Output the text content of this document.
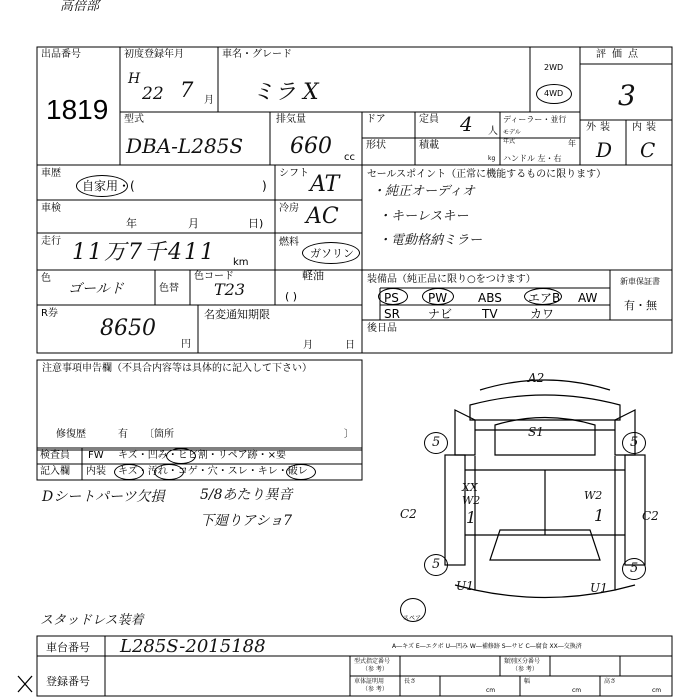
高倍部
出品番号
1819
初度登録年月
H
22 7 月
車名・グレード
ミラ X
2WD
4WD
評価点
3
型式
DBA-L285S
排気量
660 cc
ドア	定員 4 人
ディーラー・並行
モデル
年式	年
形状	積載
kg ハンドル 左・右
外装 内装
D C
車歴
自家用・(	)
シフト AT
車検
年	月	日)
冷房 AC
走行 11万7千411 km
燃料
ガソリン
軽油
( )
色
ゴールド	色替
色コード
T23
セールスポイント（正常に機能するものに限ります）
・純正オーディオ
・キーレスキー
・電動格納ミラー
装備品（純正品に限り○をつけます）
PS PW	ABS エアB AW
SR ナビ TV	カワ
新車保証書
有・無
R券
8650
円
名変通知期限
月	日
後日品
注意事項申告欄（不具合内容等は具体的に記入して下さい）
修復歴	有 〔箇所	〕
検査員
記入欄
FW キズ・凹み・ヒビ割・リペア跡・×要
内装 キズ・汚れ・コゲ・穴・スレ・キレ・破レ
Dシートパーツ欠損	5/8あたり異音
下廻りアショ7
スタッドレス装着
A2
S1
5	5
5	5
XX
W2	W2
C2	C2
U1	U1
1	1
スペア
車台番号 L285S-2015188
登録番号
A―キズ E―エクボ U―凹み W―補修跡 S―サビ C―腐食 XX―交換済
型式指定番号
（参 考）
類別区分番号
（参 考）
車体証明用
（参 考）
長さ
cm
幅
cm
高さ
cm
